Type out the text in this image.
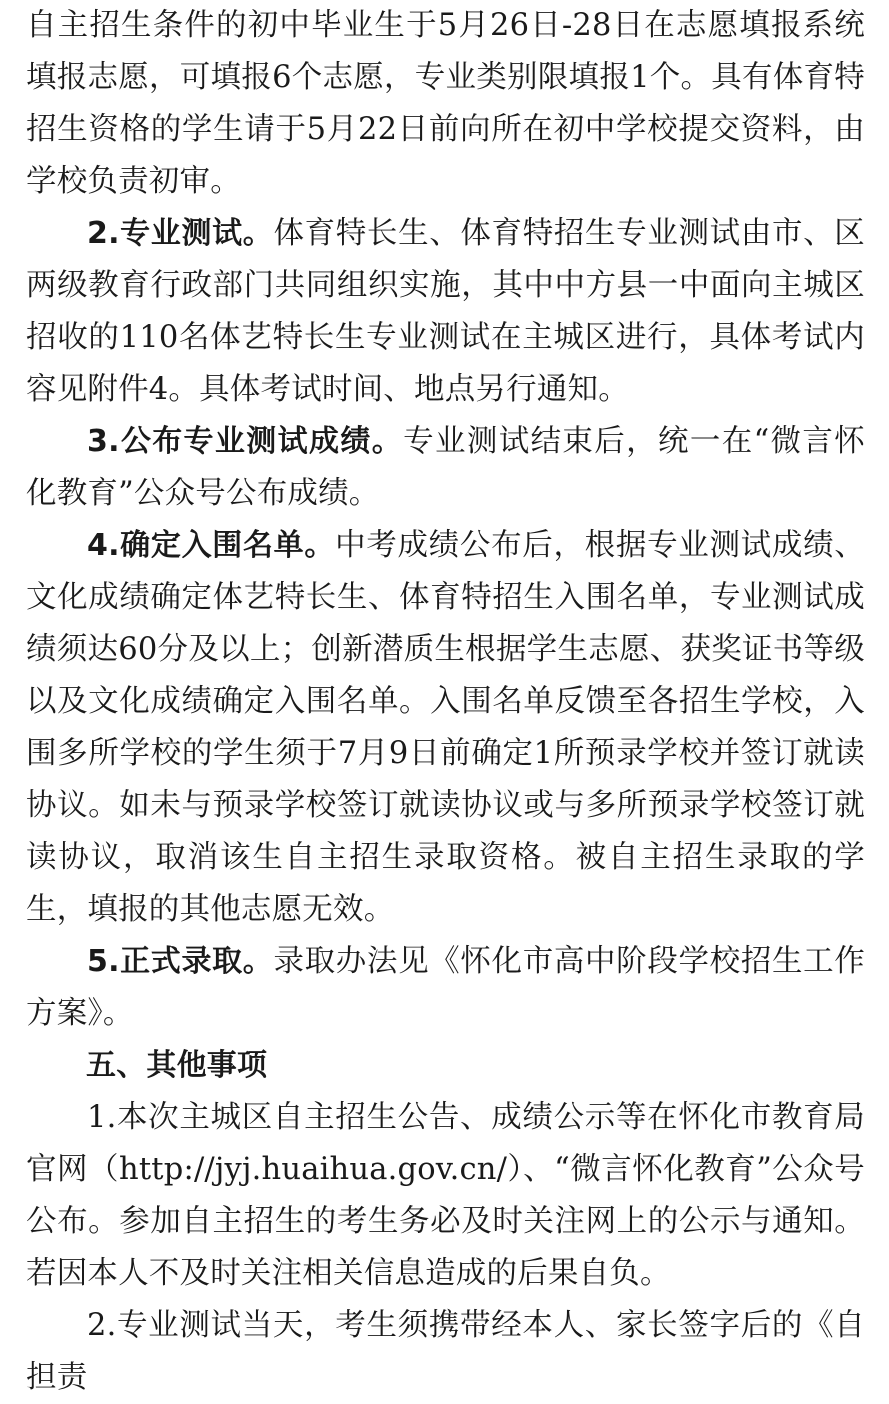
自主招生条件的初中毕业生于5月26日-28日在志愿填报系统填报志愿，可填报6个志愿，专业类别限填报1个。具有体育特招生资格的学生请于5月22日前向所在初中学校提交资料，由学校负责初审。

2.专业测试。体育特长生、体育特招生专业测试由市、区两级教育行政部门共同组织实施，其中中方县一中面向主城区招收的110名体艺特长生专业测试在主城区进行，具体考试内容见附件4。具体考试时间、地点另行通知。

3.公布专业测试成绩。专业测试结束后，统一在“微言怀化教育”公众号公布成绩。

4.确定入围名单。中考成绩公布后，根据专业测试成绩、文化成绩确定体艺特长生、体育特招生入围名单，专业测试成绩须达60分及以上；创新潜质生根据学生志愿、获奖证书等级以及文化成绩确定入围名单。入围名单反馈至各招生学校，入围多所学校的学生须于7月9日前确定1所预录学校并签订就读协议。如未与预录学校签订就读协议或与多所预录学校签订就读协议，取消该生自主招生录取资格。被自主招生录取的学生，填报的其他志愿无效。

5.正式录取。录取办法见《怀化市高中阶段学校招生工作方案》。

五、其他事项

1.本次主城区自主招生公告、成绩公示等在怀化市教育局官网（http://jyj.huaihua.gov.cn/）、“微言怀化教育”公众号公布。参加自主招生的考生务必及时关注网上的公示与通知。若因本人不及时关注相关信息造成的后果自负。

2.专业测试当天，考生须携带经本人、家长签字后的《自担责
